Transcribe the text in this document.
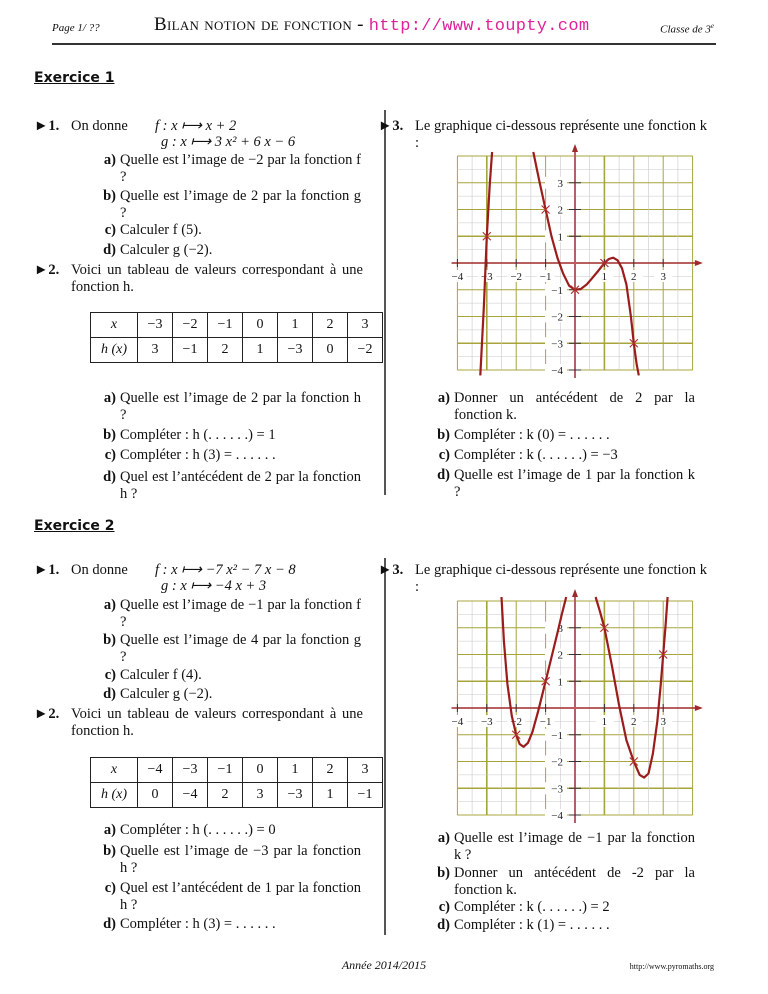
Page 1/ ??	Bilan notion de fonction - http://www.toupty.com	Classe de 3e
Exercice 1
►1. On donne f : x ⟼ x + 2
g : x ⟼ 3 x² + 6 x − 6
a) Quelle est l’image de −2 par la fonction f ?
b) Quelle est l’image de 2 par la fonction g ?
c) Calculer f (5).
d) Calculer g (−2).
►2. Voici un tableau de valeurs correspondant à une fonction h.
x	−3	−2	−1	0	1	2	3
h (x)	3	−1	2	1	−3	0	−2
a) Quelle est l’image de 2 par la fonction h ?
b) Compléter : h (. . . . . .) = 1
c) Compléter : h (3) = . . . . . .
d) Quel est l’antécédent de 2 par la fonction h ?
►3. Le graphique ci-dessous représente une fonction k :
a) Donner un antécédent de 2 par la fonction k.
b) Compléter : k (0) = . . . . . .
c) Compléter : k (. . . . . .) = −3
d) Quelle est l’image de 1 par la fonction k ?
−4 −3 −2 −1	1 2 3
3
2
1
−1
−2
−3
−4
Exercice 2
►1. On donne f : x ⟼ −7 x² − 7 x − 8
g : x ⟼ −4 x + 3
a) Quelle est l’image de −1 par la fonction f ?
b) Quelle est l’image de 4 par la fonction g ?
c) Calculer f (4).
d) Calculer g (−2).
►2. Voici un tableau de valeurs correspondant à une fonction h.
x	−4	−3	−1	0	1	2	3
h (x)	0	−4	2	3	−3	1	−1
a) Compléter : h (. . . . . .) = 0
b) Quelle est l’image de −3 par la fonction h ?
c) Quel est l’antécédent de 1 par la fonction h ?
d) Compléter : h (3) = . . . . . .
►3. Le graphique ci-dessous représente une fonction k :
a) Quelle est l’image de −1 par la fonction k ?
b) Donner un antécédent de -2 par la fonction k.
c) Compléter : k (. . . . . .) = 2
d) Compléter : k (1) = . . . . . .
−4 −3 −2 −1	1 2 3
3
2
1
−1
−2
−3
−4
Année 2014/2015	http://www.pyromaths.org
